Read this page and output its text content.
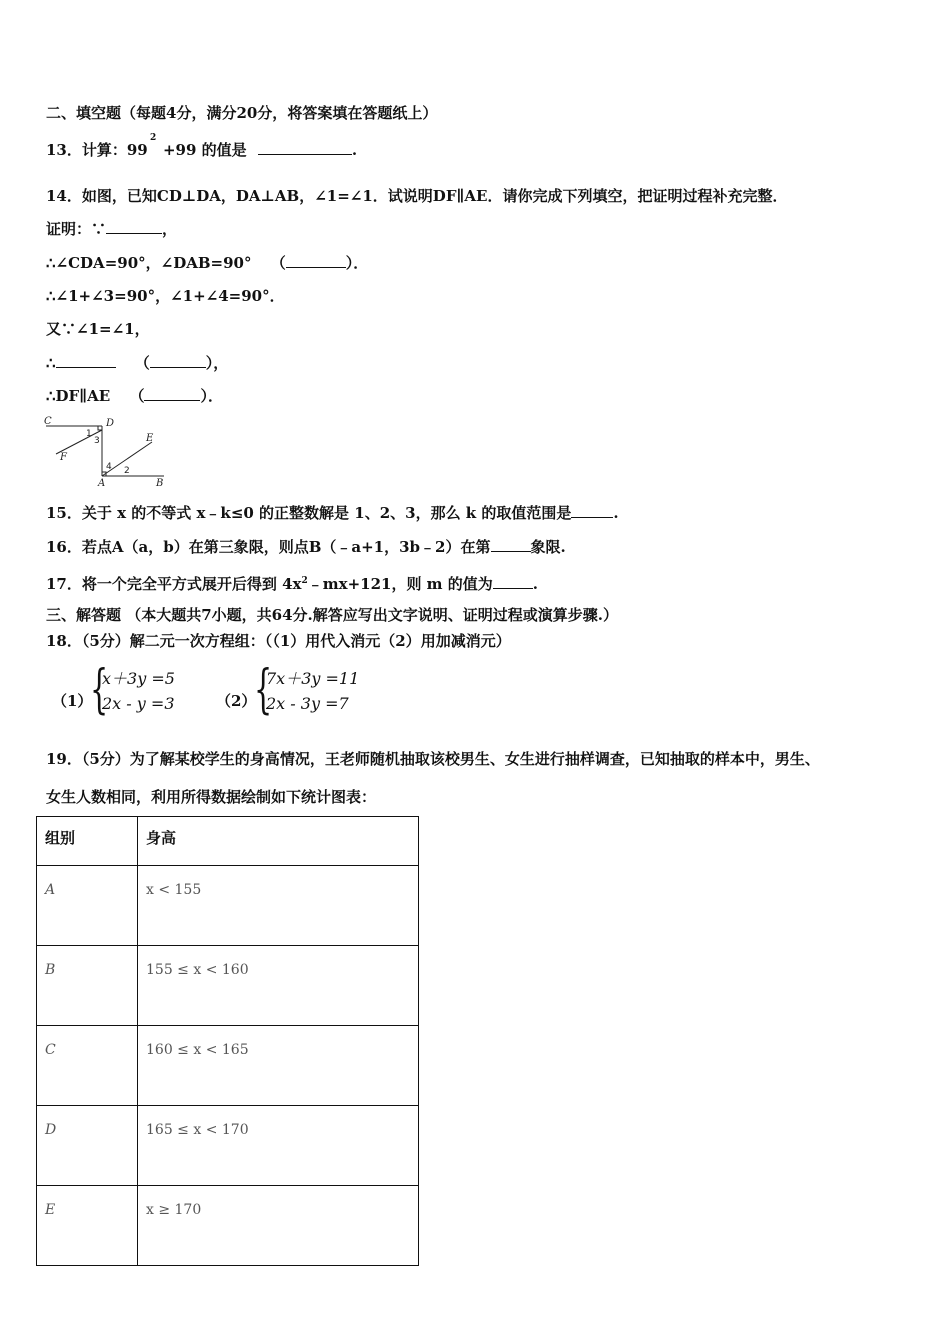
二、填空题（每题4分，满分20分，将答案填在答题纸上）
13．计算：99
2
+99 的值是	.
14．如图，已知CD⊥DA，DA⊥AB，∠1=∠1．试说明DF∥AE．请你完成下列填空，把证明过程补充完整．
证明：∵	，
∴∠CDA=90°，∠DAB=90° （	）．
∴∠1+∠3=90°，∠1+∠4=90°．
又∵∠1=∠1，
∴	（	），
∴DF∥AE （	）．
C	D
E
F
A	B
1
3
4 2
15．关于 x 的不等式 x﹣k≤0 的正整数解是 1、2、3，那么 k 的取值范围是	.
16．若点A（a，b）在第三象限，则点B（﹣a+1，3b﹣2）在第	象限.
17．将一个完全平方式展开后得到 $4x^2﹣mx+121$，则 m 的值为	.
三、解答题 （本大题共7小题，共64分.解答应写出文字说明、证明过程或演算步骤.）
18．（5分）解二元一次方程组：（（1）用代入消元（2）用加减消元）
（1）
{
x＋3y =5
2x - y =3	（2）
{
7x＋3y =11
2x - 3y =7
19．（5分）为了解某校学生的身高情况，王老师随机抽取该校男生、女生进行抽样调查，已知抽取的样本中，男生、
女生人数相同，利用所得数据绘制如下统计图表：
组别	身高
A	x < 155
B	155 ≤ x < 160
C	160 ≤ x < 165
D	165 ≤ x < 170
E	x ≥ 170
